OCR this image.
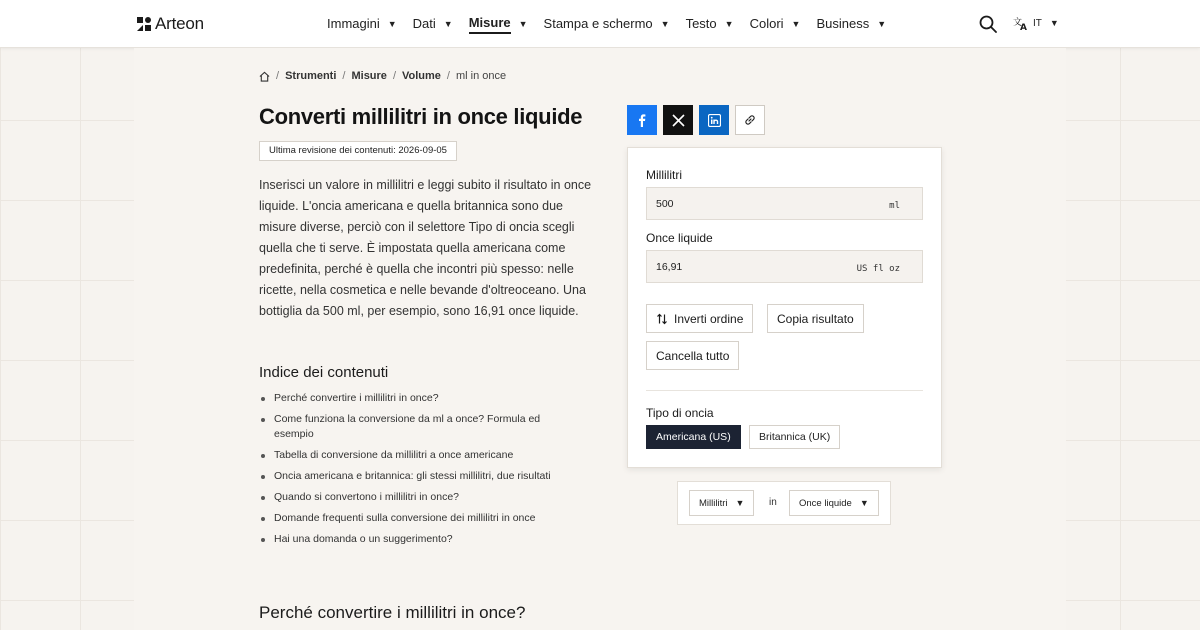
Arteon	Immagini ▼ Dati ▼ Misure ▼ Stampa e schermo ▼ Testo ▼ Colori ▼ Business ▼	文
A IT ▼
/ Strumenti / Misure / Volume / ml in once
Converti millilitri in once liquide
Ultima revisione dei contenuti: 2026-09-05

Inserisci un valore in millilitri e leggi subito il risultato in once liquide. L'oncia americana e quella britannica sono due misure diverse, perciò con il selettore Tipo di oncia scegli quella che ti serve. È impostata quella americana come predefinita, perché è quella che incontri più spesso: nelle ricette, nella cosmetica e nelle bevande d'oltreoceano. Una bottiglia da 500 ml, per esempio, sono 16,91 once liquide.

Indice dei contenuti
Perché convertire i millilitri in once?
Come funziona la conversione da ml a once? Formula ed esempio
Tabella di conversione da millilitri a once americane
Oncia americana e britannica: gli stessi millilitri, due risultati
Quando si convertono i millilitri in once?
Domande frequenti sulla conversione dei millilitri in once
Hai una domanda o un suggerimento?
Perché convertire i millilitri in once?
Millilitri
500
ml
Once liquide
16,91
US fl oz
Inverti ordine	Copia risultato
Cancella tutto
Tipo di oncia
Americana (US)	Britannica (UK)
Millilitri ▼ in Once liquide ▼
